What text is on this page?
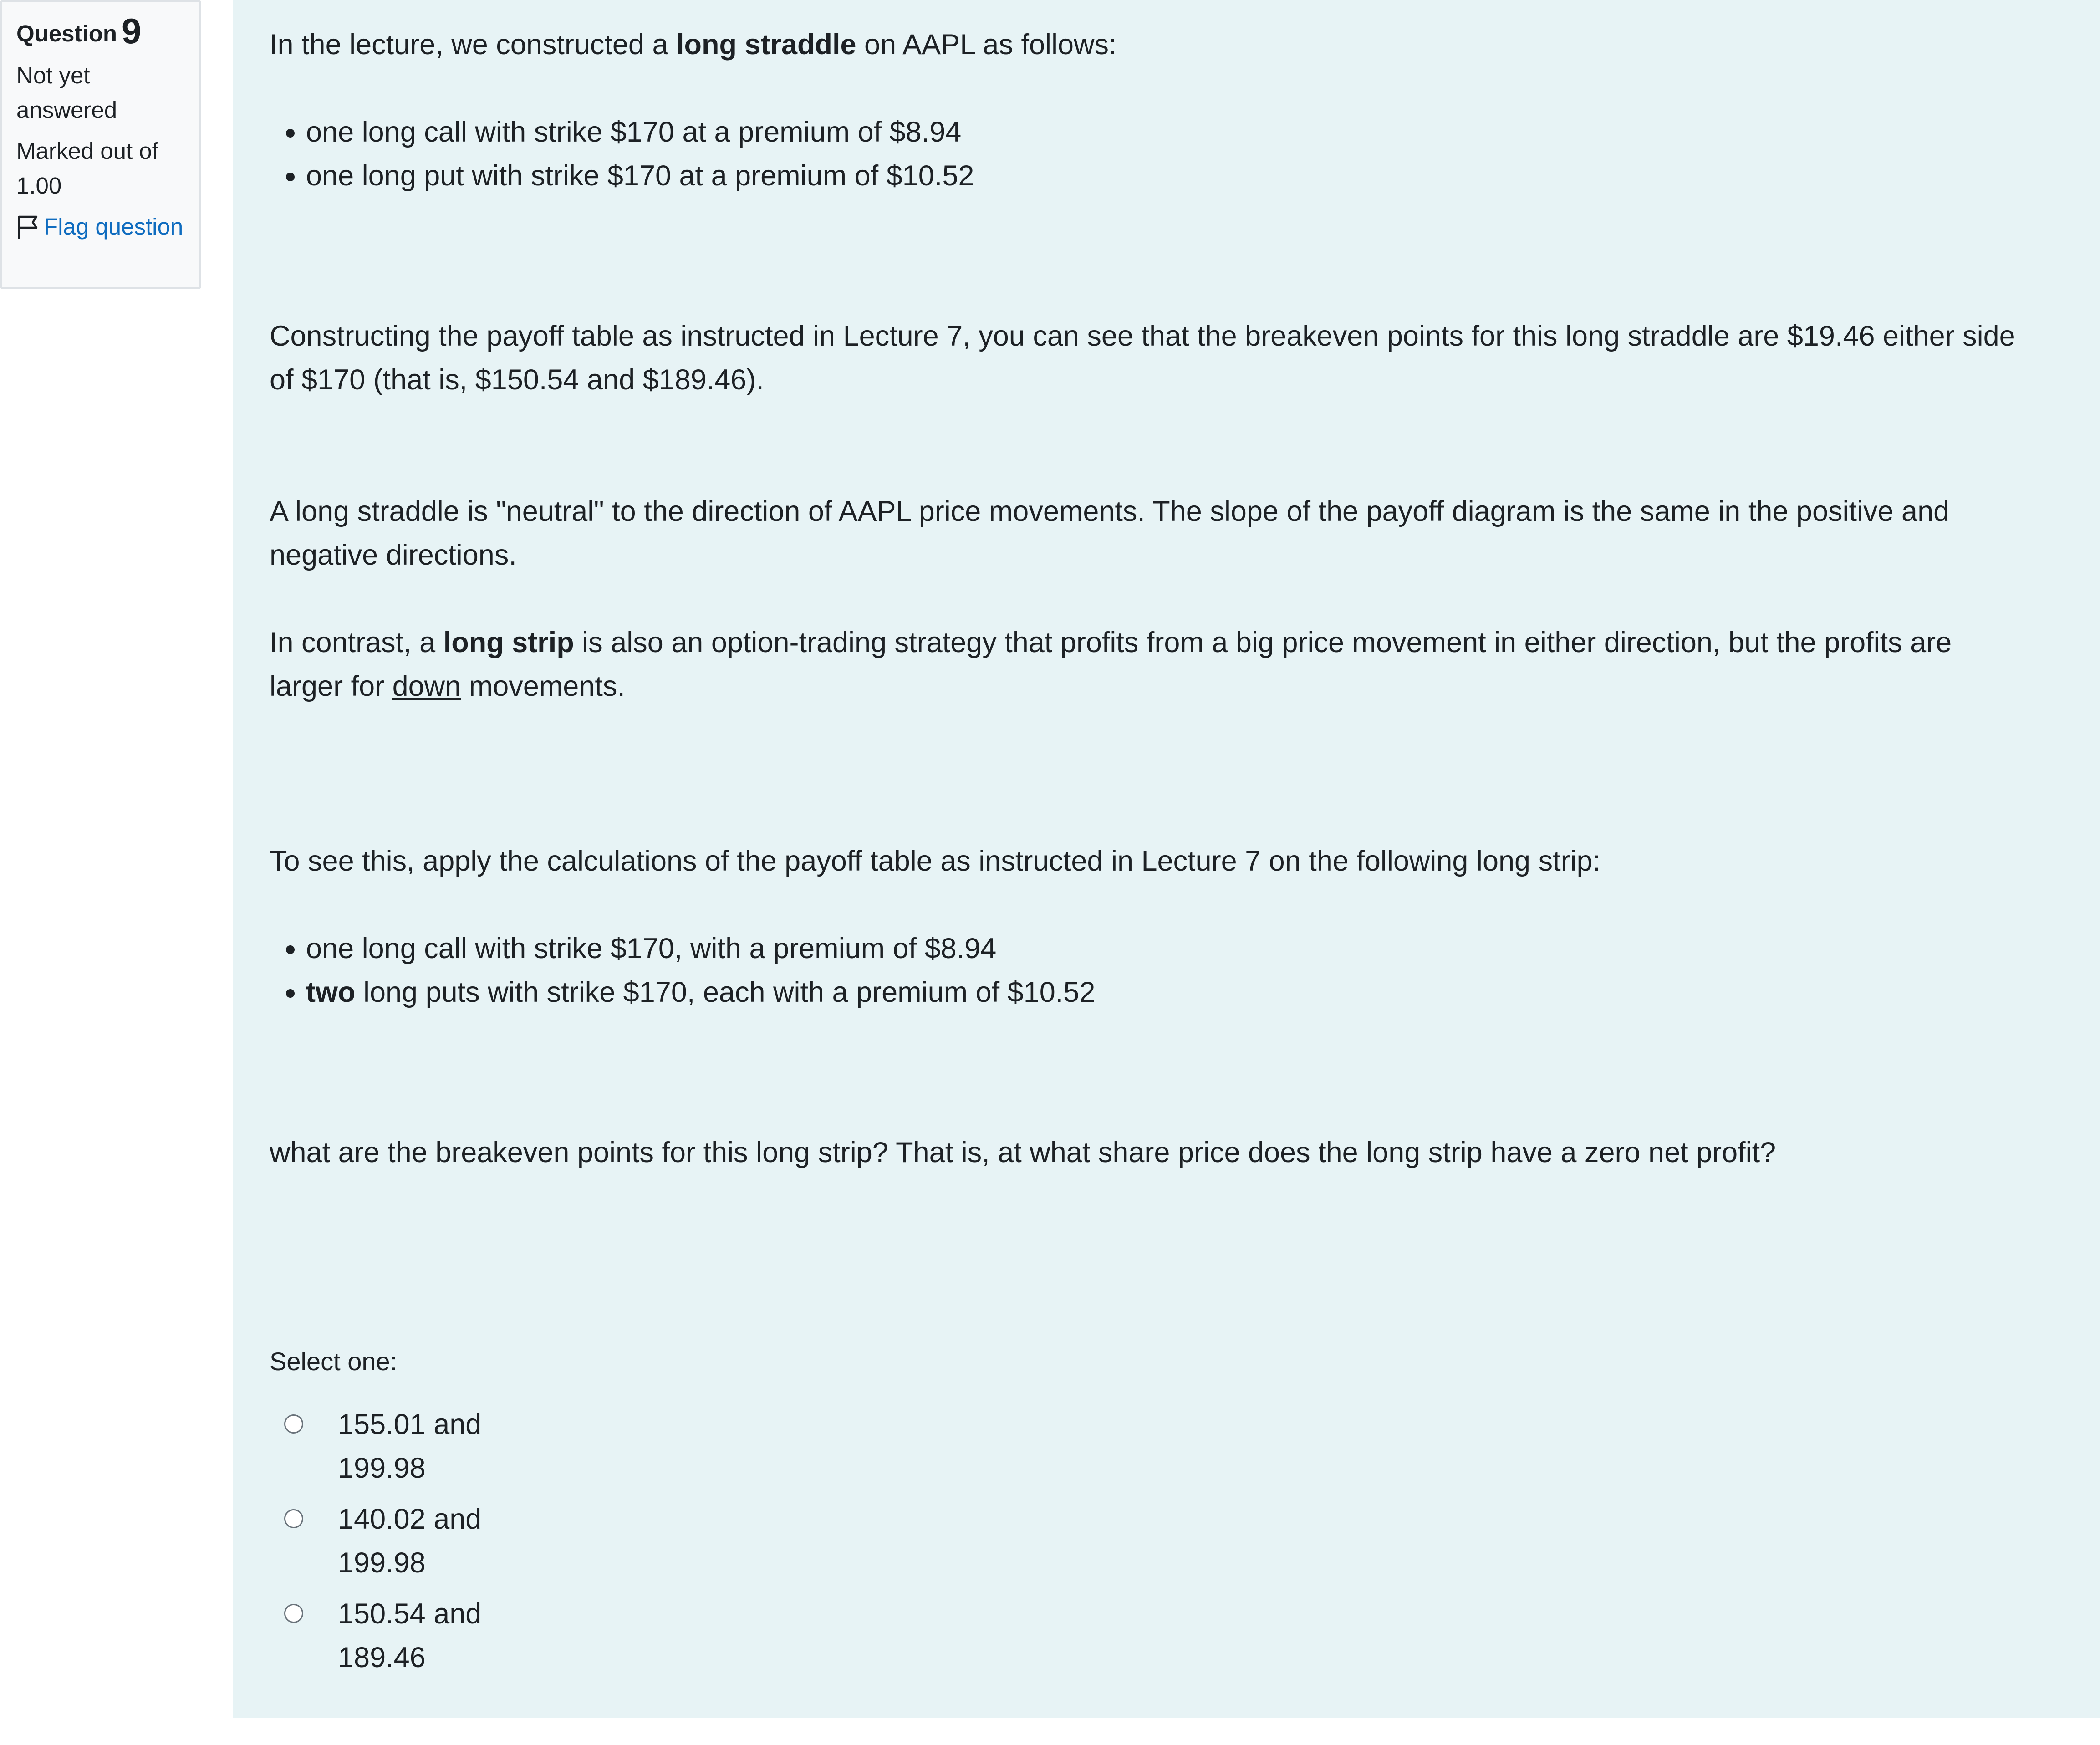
Question 9
Not yet
answered
Marked out of
1.00
Flag question
In the lecture, we constructed a long straddle on AAPL as follows:
• one long call with strike $170 at a premium of $8.94
• one long put with strike $170 at a premium of $10.52
Constructing the payoff table as instructed in Lecture 7, you can see that the breakeven points for this long straddle are $19.46 either side
of $170 (that is, $150.54 and $189.46).
A long straddle is "neutral" to the direction of AAPL price movements. The slope of the payoff diagram is the same in the positive and
negative directions.
In contrast, a long strip is also an option-trading strategy that profits from a big price movement in either direction, but the profits are
larger for down movements.
To see this, apply the calculations of the payoff table as instructed in Lecture 7 on the following long strip:
• one long call with strike $170, with a premium of $8.94
• two long puts with strike $170, each with a premium of $10.52
what are the breakeven points for this long strip? That is, at what share price does the long strip have a zero net profit?
Select one:
155.01 and
199.98
140.02 and
199.98
150.54 and
189.46
